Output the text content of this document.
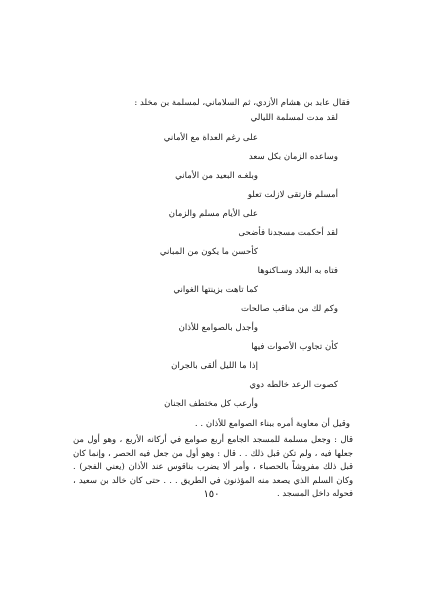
فقال عابد بن هشام الأزدي، ثم السلاماني، لمسلمة بن مخلد :
لقد مدت لمسلمة الليالي
على رغم العداة مع الأماني
وساعده الزمان بكل سعد
وبلغـه البعيد من الأماني
أمسلم فارتقى لازلت تعلو
على الأيام مسلم والزمان
لقد أحكمت مسجدنا فأضحى
كأحسن ما يكون من المباني
فتاه به البلاد وسـاكنوها
كما تاهت بزينتها الغواني
وكم لك من مناقب صالحات
وأجدل بالصوامع للأذان
كأن تجاوب الأصوات فيها
إذا ما الليل ألقى بالجران
كصوت الرعد خالطه دوي
وأرعب كل مختطف الجنان
وقيل أن معاوية أمره ببناء الصوامع للأذان . .
قال : وجعل مسلمة للمسجد الجامع أربع صوامع في أركانه الأربع ، وهو أول من جعلها فيه ، ولم تكن قبل ذلك . . قال : وهو أول من جعل فيه الحصر ، وإنما كان قبل ذلك مفروشاً بالحصباء ، وأمر ألا يضرب بناقوس عند الأذان (يعني الفجر) . وكان السلم الذي يصعد منه المؤذنون في الطريق . . . حتى كان خالد بن سعيد ، فحوله داخل المسجد .
١٥٠
